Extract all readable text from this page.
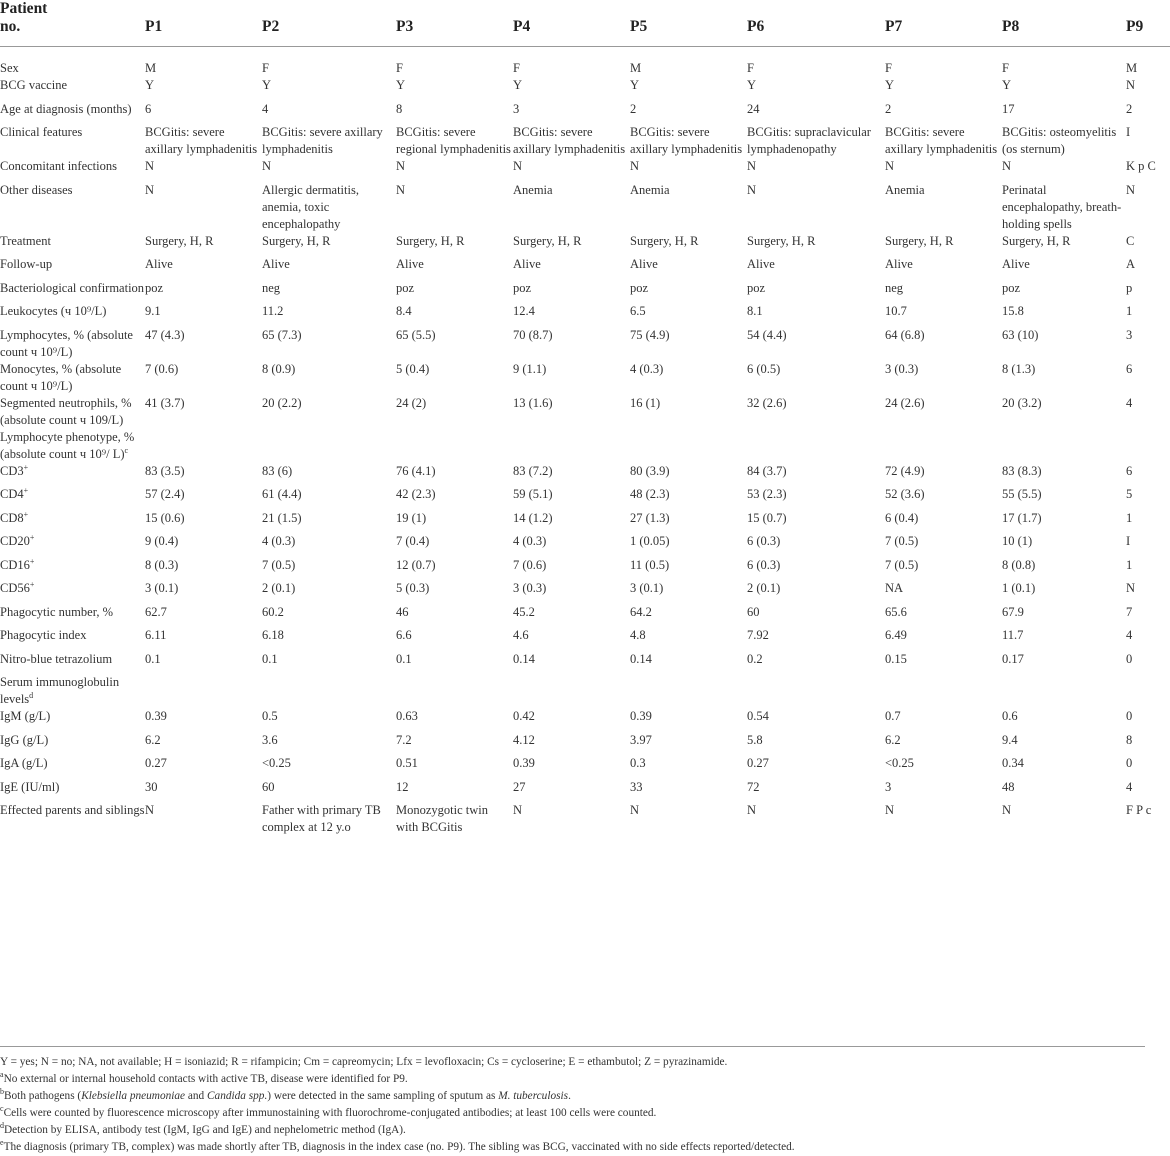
Patient
no.	P1	P2	P3	P4	P5	P6	P7	P8	P9
Sex	M	F	F	F	M	F	F	F	M
BCG vaccine	Y	Y	Y	Y	Y	Y	Y	Y	N
Age at diagnosis (months)	6	4	8	3	2	24	2	17	2
Clinical features	BCGitis: severe axillary lymphadenitis	BCGitis: severe axillary lymphadenitis	BCGitis: severe regional lymphadenitis	BCGitis: severe axillary lymphadenitis	BCGitis: severe axillary lymphadenitis	BCGitis: supraclavicular lymphadenopathy	BCGitis: severe axillary lymphadenitis	BCGitis: osteomyelitis (os sternum)	I
Concomitant infections	N	N	N	N	N	N	N	N	K p C
Other diseases	N	Allergic dermatitis, anemia, toxic encephalopathy	N	Anemia	Anemia	N	Anemia	Perinatal encephalopathy, breath-holding spells	N
Treatment	Surgery, H, R	Surgery, H, R	Surgery, H, R	Surgery, H, R	Surgery, H, R	Surgery, H, R	Surgery, H, R	Surgery, H, R	C
Follow-up	Alive	Alive	Alive	Alive	Alive	Alive	Alive	Alive	A
Bacteriological confirmation	poz	neg	poz	poz	poz	poz	neg	poz	p
Leukocytes (ч 10⁹/L)	9.1	11.2	8.4	12.4	6.5	8.1	10.7	15.8	1
Lymphocytes, % (absolute count ч 10⁹/L)	47 (4.3)	65 (7.3)	65 (5.5)	70 (8.7)	75 (4.9)	54 (4.4)	64 (6.8)	63 (10)	3
Monocytes, % (absolute count ч 10⁹/L)	7 (0.6)	8 (0.9)	5 (0.4)	9 (1.1)	4 (0.3)	6 (0.5)	3 (0.3)	8 (1.3)	6
Segmented neutrophils, % (absolute count ч 109/L)	41 (3.7)	20 (2.2)	24 (2)	13 (1.6)	16 (1)	32 (2.6)	24 (2.6)	20 (3.2)	4
Lymphocyte phenotype, % (absolute count ч 10⁹/ L)$^c$									
CD3+	83 (3.5)	83 (6)	76 (4.1)	83 (7.2)	80 (3.9)	84 (3.7)	72 (4.9)	83 (8.3)	6
CD4+	57 (2.4)	61 (4.4)	42 (2.3)	59 (5.1)	48 (2.3)	53 (2.3)	52 (3.6)	55 (5.5)	5
CD8+	15 (0.6)	21 (1.5)	19 (1)	14 (1.2)	27 (1.3)	15 (0.7)	6 (0.4)	17 (1.7)	1
CD20+	9 (0.4)	4 (0.3)	7 (0.4)	4 (0.3)	1 (0.05)	6 (0.3)	7 (0.5)	10 (1)	I
CD16+	8 (0.3)	7 (0.5)	12 (0.7)	7 (0.6)	11 (0.5)	6 (0.3)	7 (0.5)	8 (0.8)	1
CD56+	3 (0.1)	2 (0.1)	5 (0.3)	3 (0.3)	3 (0.1)	2 (0.1)	NA	1 (0.1)	N
Phagocytic number, %	62.7	60.2	46	45.2	64.2	60	65.6	67.9	7
Phagocytic index	6.11	6.18	6.6	4.6	4.8	7.92	6.49	11.7	4
Nitro-blue tetrazolium	0.1	0.1	0.1	0.14	0.14	0.2	0.15	0.17	0
Serum immunoglobulin levels$^d$									
IgM (g/L)	0.39	0.5	0.63	0.42	0.39	0.54	0.7	0.6	0
IgG (g/L)	6.2	3.6	7.2	4.12	3.97	5.8	6.2	9.4	8
IgA (g/L)	0.27	<0.25	0.51	0.39	0.3	0.27	<0.25	0.34	0
IgE (IU/ml)	30	60	12	27	33	72	3	48	4
Effected parents and siblings	N	Father with primary TB complex at 12 y.o	Monozygotic twin with BCGitis	N	N	N	N	N	F P c
Y = yes; N = no; NA, not available; H = isoniazid; R = rifampicin; Cm = capreomycin; Lfx = levofloxacin; Cs = cycloserine; E = ethambutol; Z = pyrazinamide.
$^a$No external or internal household contacts with active TB, disease were identified for P9.
$^b$Both pathogens (Klebsiella pneumoniae and Candida spp.) were detected in the same sampling of sputum as M. tuberculosis.
$^c$Cells were counted by fluorescence microscopy after immunostaining with fluorochrome-conjugated antibodies; at least 100 cells were counted.
$^d$Detection by ELISA, antibody test (IgM, IgG and IgE) and nephelometric method (IgA).
$^e$The diagnosis (primary TB, complex) was made shortly after TB, diagnosis in the index case (no. P9). The sibling was BCG, vaccinated with no side effects reported/detected.
